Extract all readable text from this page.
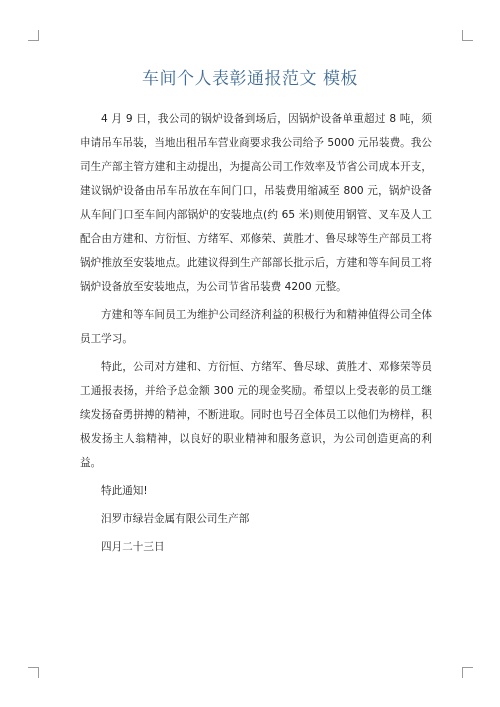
车间个人表彰通报范文 模板

4 月 9 日，我公司的锅炉设备到场后，因锅炉设备单重超过 8 吨，须申请吊车吊装，当地出租吊车营业商要求我公司给予 5000 元吊装费。我公司生产部主管方建和主动提出，为提高公司工作效率及节省公司成本开支，建议锅炉设备由吊车吊放在车间门口，吊装费用缩减至 800 元，锅炉设备从车间门口至车间内部锅炉的安装地点(约 65 米)则使用钢管、叉车及人工配合由方建和、方衍恒、方绪军、邓修荣、黄胜才、鲁尽球等生产部员工将锅炉推放至安装地点。此建议得到生产部部长批示后，方建和等车间员工将锅炉设备放至安装地点，为公司节省吊装费 4200 元整。

方建和等车间员工为维护公司经济利益的积极行为和精神值得公司全体员工学习。

特此，公司对方建和、方衍恒、方绪军、鲁尽球、黄胜才、邓修荣等员工通报表扬，并给予总金额 300 元的现金奖励。希望以上受表彰的员工继续发扬奋勇拼搏的精神，不断进取。同时也号召全体员工以他们为榜样，积极发扬主人翁精神，以良好的职业精神和服务意识，为公司创造更高的利益。

特此通知!

汨罗市绿岩金属有限公司生产部

四月二十三日
